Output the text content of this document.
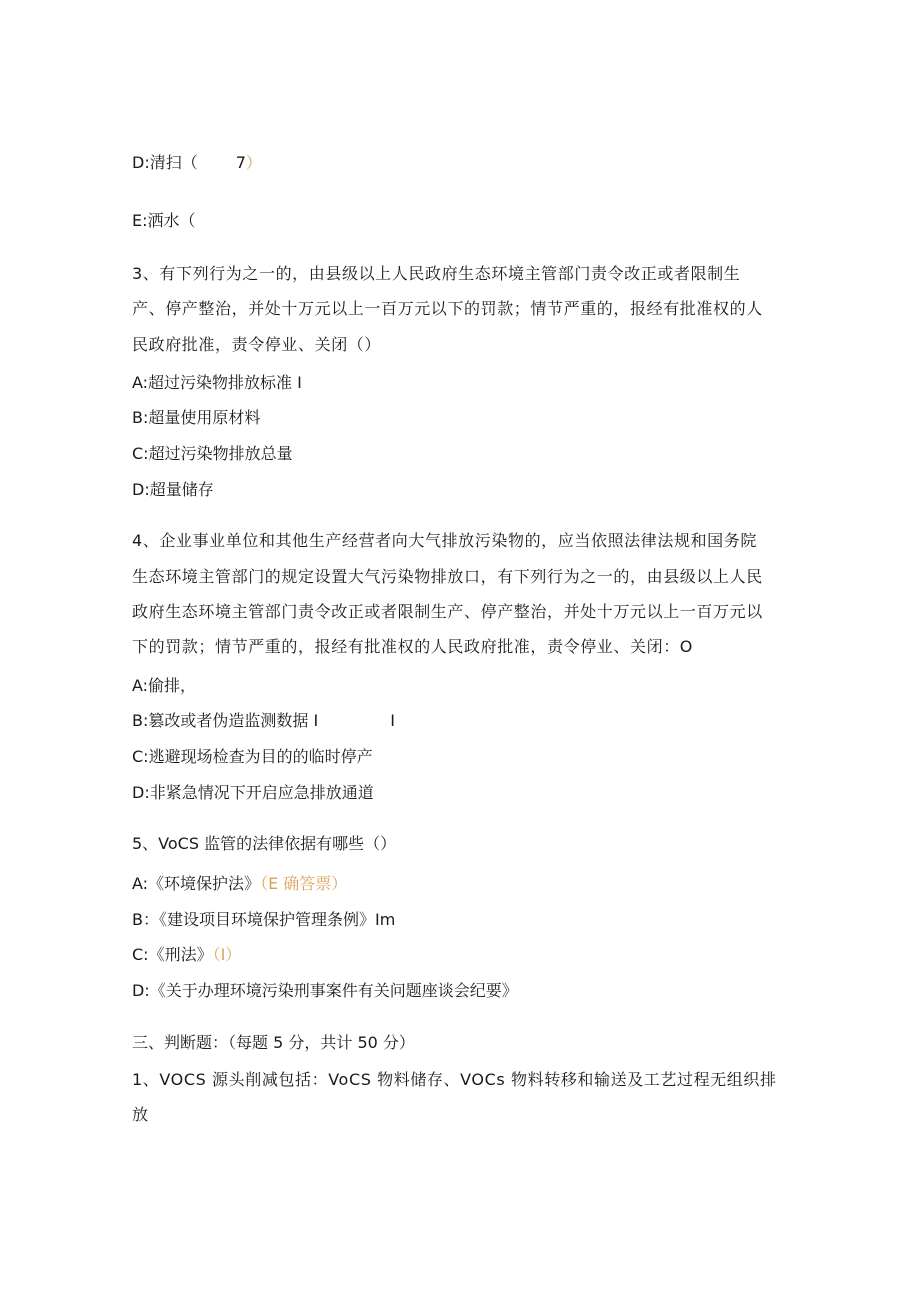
D:清扫（ 7）
E:洒水（
3、有下列行为之一的，由县级以上人民政府生态环境主管部门责令改正或者限制生
产、停产整治，并处十万元以上一百万元以下的罚款；情节严重的，报经有批准权的人
民政府批准，责令停业、关闭（）
A:超过污染物排放标准 I
B:超量使用原材料
C:超过污染物排放总量
D:超量储存
4、企业事业单位和其他生产经营者向大气排放污染物的，应当依照法律法规和国务院
生态环境主管部门的规定设置大气污染物排放口，有下列行为之一的，由县级以上人民
政府生态环境主管部门责令改正或者限制生产、停产整治，并处十万元以上一百万元以
下的罚款；情节严重的，报经有批准权的人民政府批准，责令停业、关闭：O
A:偷排，
B:篡改或者伪造监测数据 I	I
C:逃避现场检查为目的的临时停产
D:非紧急情况下开启应急排放通道
5、VoCS 监管的法律依据有哪些（）
A:《环境保护法》（E 确答票）
B：《建设项目环境保护管理条例》Im
C:《刑法》（I）
D:《关于办理环境污染刑事案件有关问题座谈会纪要》
三、判断题：（每题 5 分，共计 50 分）
1、VOCS 源头削减包括：VoCS 物料储存、VOCs 物料转移和输送及工艺过程无组织排
放
